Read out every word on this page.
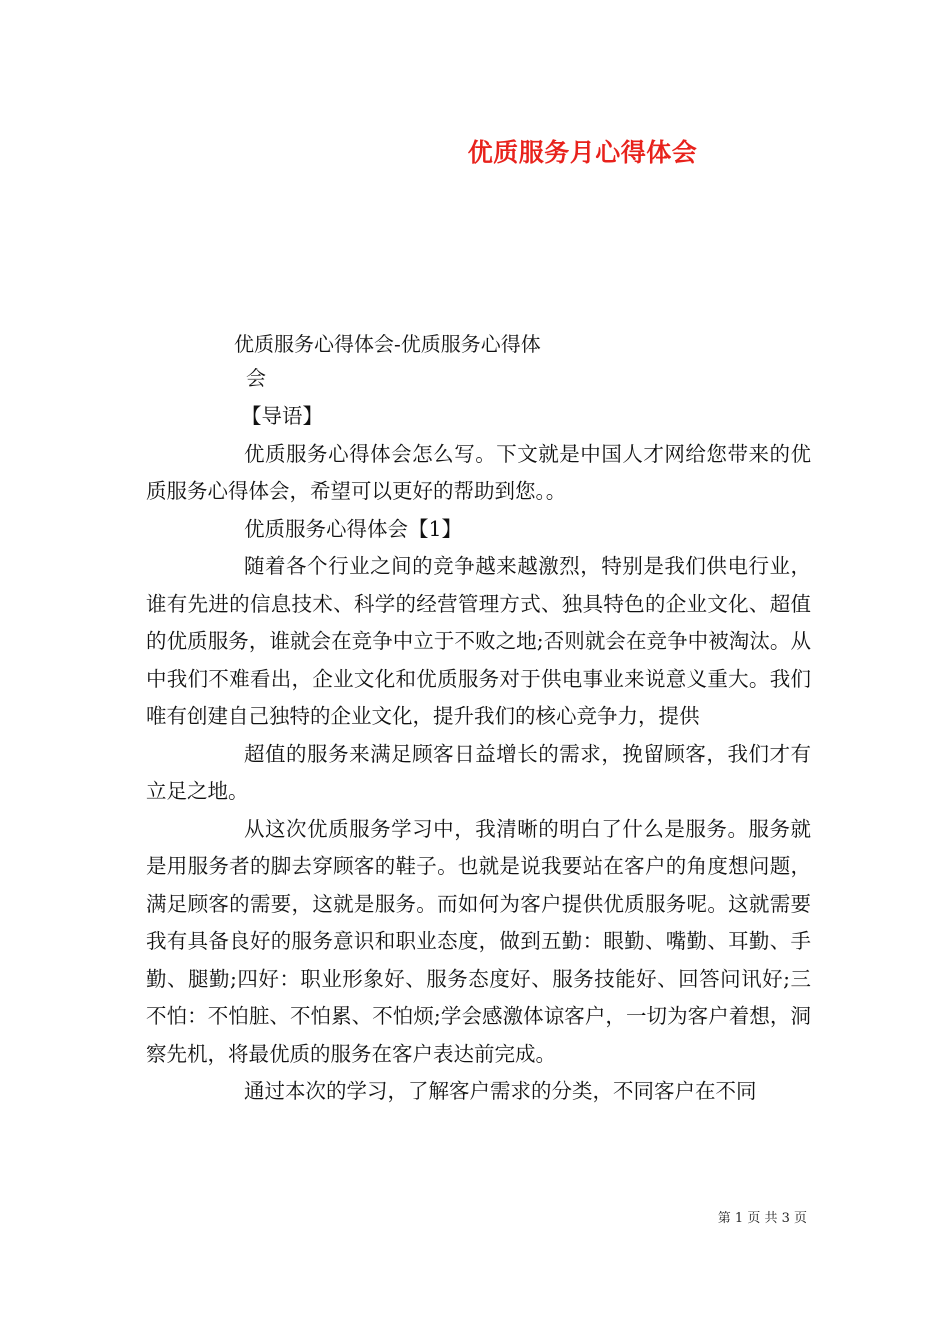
优质服务月心得体会
优质服务心得体会-优质服务心得体
会

【导语】

优质服务心得体会怎么写。下文就是中国人才网给您带来的优质服务心得体会，希望可以更好的帮助到您。。

优质服务心得体会【1】

随着各个行业之间的竞争越来越激烈，特别是我们供电行业，谁有先进的信息技术、科学的经营管理方式、独具特色的企业文化、超值的优质服务，谁就会在竞争中立于不败之地;否则就会在竞争中被淘汰。从中我们不难看出，企业文化和优质服务对于供电事业来说意义重大。我们唯有创建自己独特的企业文化，提升我们的核心竞争力，提供

超值的服务来满足顾客日益增长的需求，挽留顾客，我们才有立足之地。

从这次优质服务学习中，我清晰的明白了什么是服务。服务就是用服务者的脚去穿顾客的鞋子。也就是说我要站在客户的角度想问题，满足顾客的需要，这就是服务。而如何为客户提供优质服务呢。这就需要我有具备良好的服务意识和职业态度，做到五勤：眼勤、嘴勤、耳勤、手勤、腿勤;四好：职业形象好、服务态度好、服务技能好、回答问讯好;三不怕：不怕脏、不怕累、不怕烦;学会感激体谅客户，一切为客户着想，洞察先机，将最优质的服务在客户表达前完成。

通过本次的学习，了解客户需求的分类，不同客户在不同

第 1 页 共 3 页
